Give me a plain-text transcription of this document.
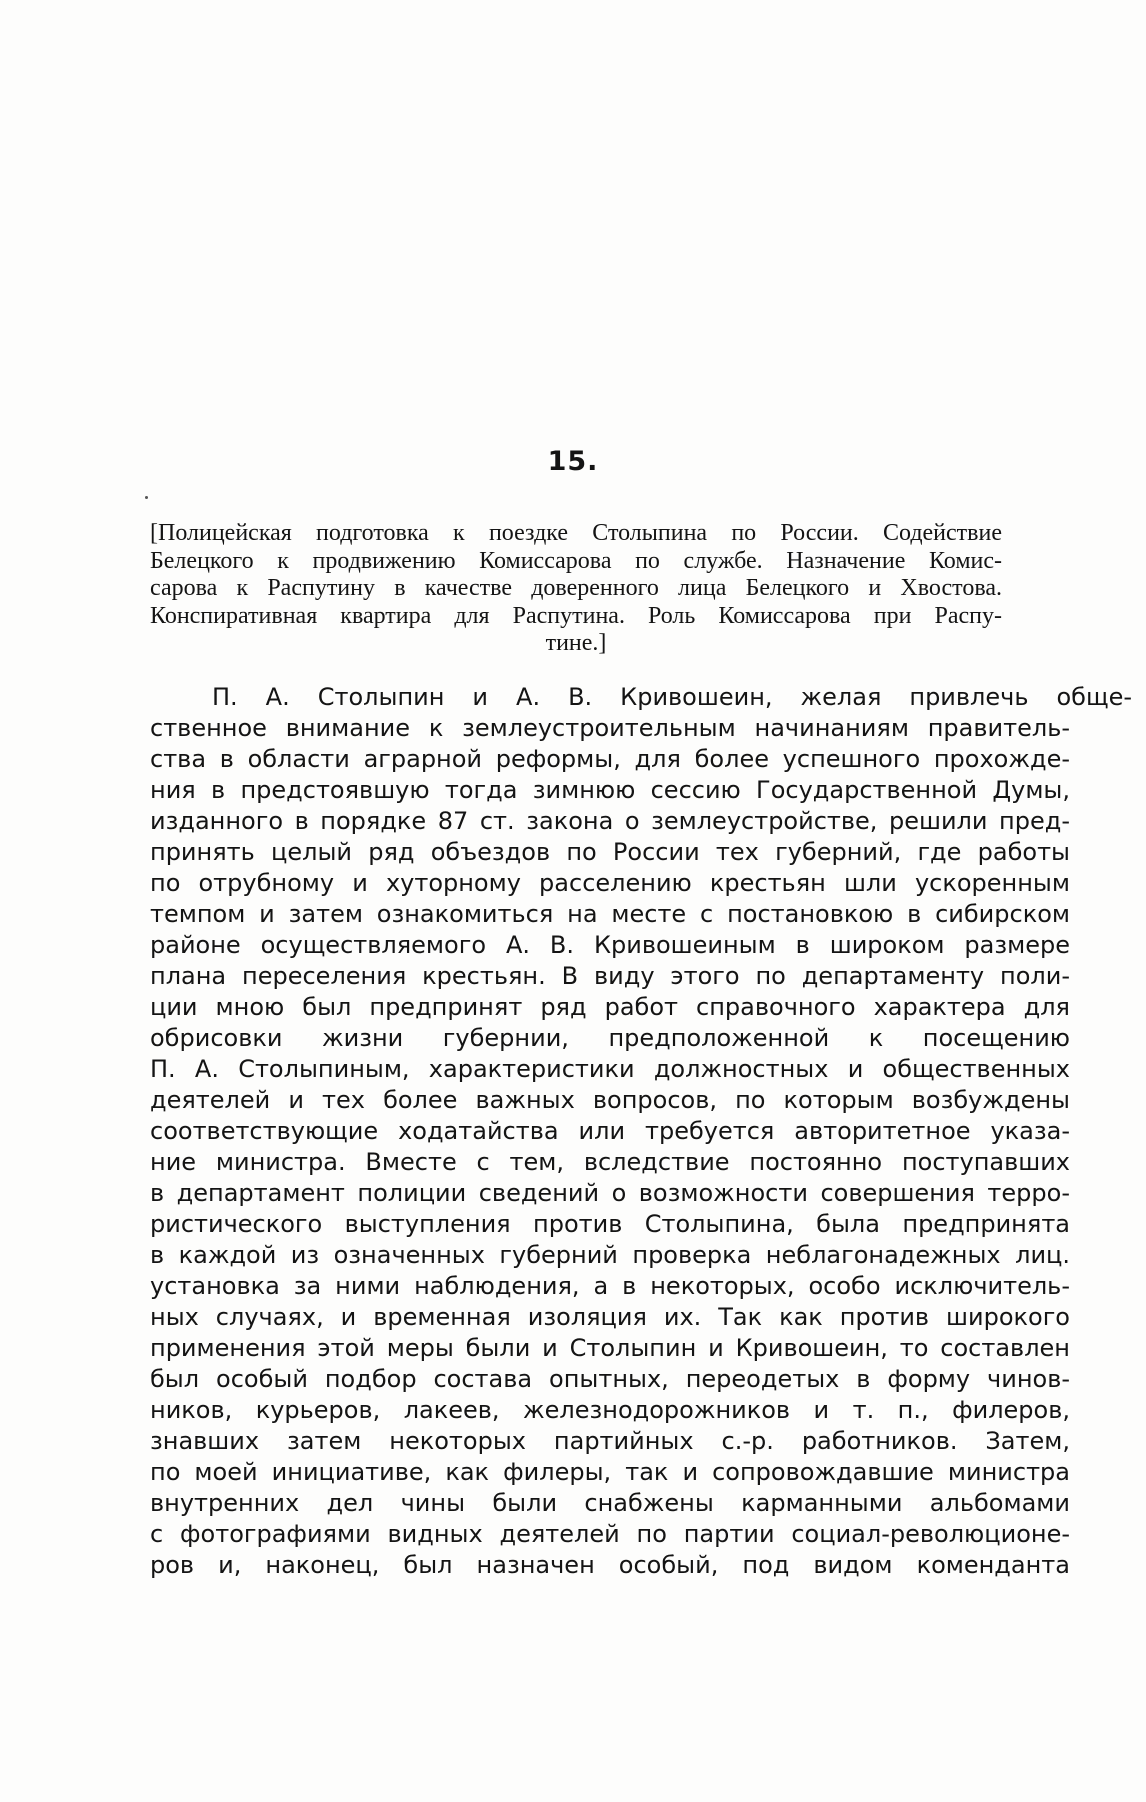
15.
[Полицейская подготовка к поездке Столыпина по России. Содействие
Белецкого к продвижению Комиссарова по службе. Назначение Комис-
сарова к Распутину в качестве доверенного лица Белецкого и Хвостова.
Конспиративная квартира для Распутина. Роль Комиссарова при Распу-
тине.]
П. А. Столыпин и А. В. Кривошеин, желая привлечь обще-
ственное внимание к землеустроительным начинаниям правитель-
ства в области аграрной реформы, для более успешного прохожде-
ния в предстоявшую тогда зимнюю сессию Государственной Думы,
изданного в порядке 87 ст. закона о землеустройстве, решили пред-
принять целый ряд объездов по России тех губерний, где работы
по отрубному и хуторному расселению крестьян шли ускоренным
темпом и затем ознакомиться на месте с постановкою в сибирском
районе осуществляемого А. В. Кривошеиным в широком размере
плана переселения крестьян. В виду этого по департаменту поли-
ции мною был предпринят ряд работ справочного характера для
обрисовки жизни губернии, предположенной к посещению
П. А. Столыпиным, характеристики должностных и общественных
деятелей и тех более важных вопросов, по которым возбуждены
соответствующие ходатайства или требуется авторитетное указа-
ние министра. Вместе с тем, вследствие постоянно поступавших
в департамент полиции сведений о возможности совершения терро-
ристического выступления против Столыпина, была предпринята
в каждой из означенных губерний проверка неблагонадежных лиц.
установка за ними наблюдения, а в некоторых, особо исключитель-
ных случаях, и временная изоляция их. Так как против широкого
применения этой меры были и Столыпин и Кривошеин, то составлен
был особый подбор состава опытных, переодетых в форму чинов-
ников, курьеров, лакеев, железнодорожников и т. п., филеров,
знавших затем некоторых партийных с.-р. работников. Затем,
по моей инициативе, как филеры, так и сопровождавшие министра
внутренних дел чины были снабжены карманными альбомами
с фотографиями видных деятелей по партии социал-революционе-
ров и, наконец, был назначен особый, под видом коменданта
